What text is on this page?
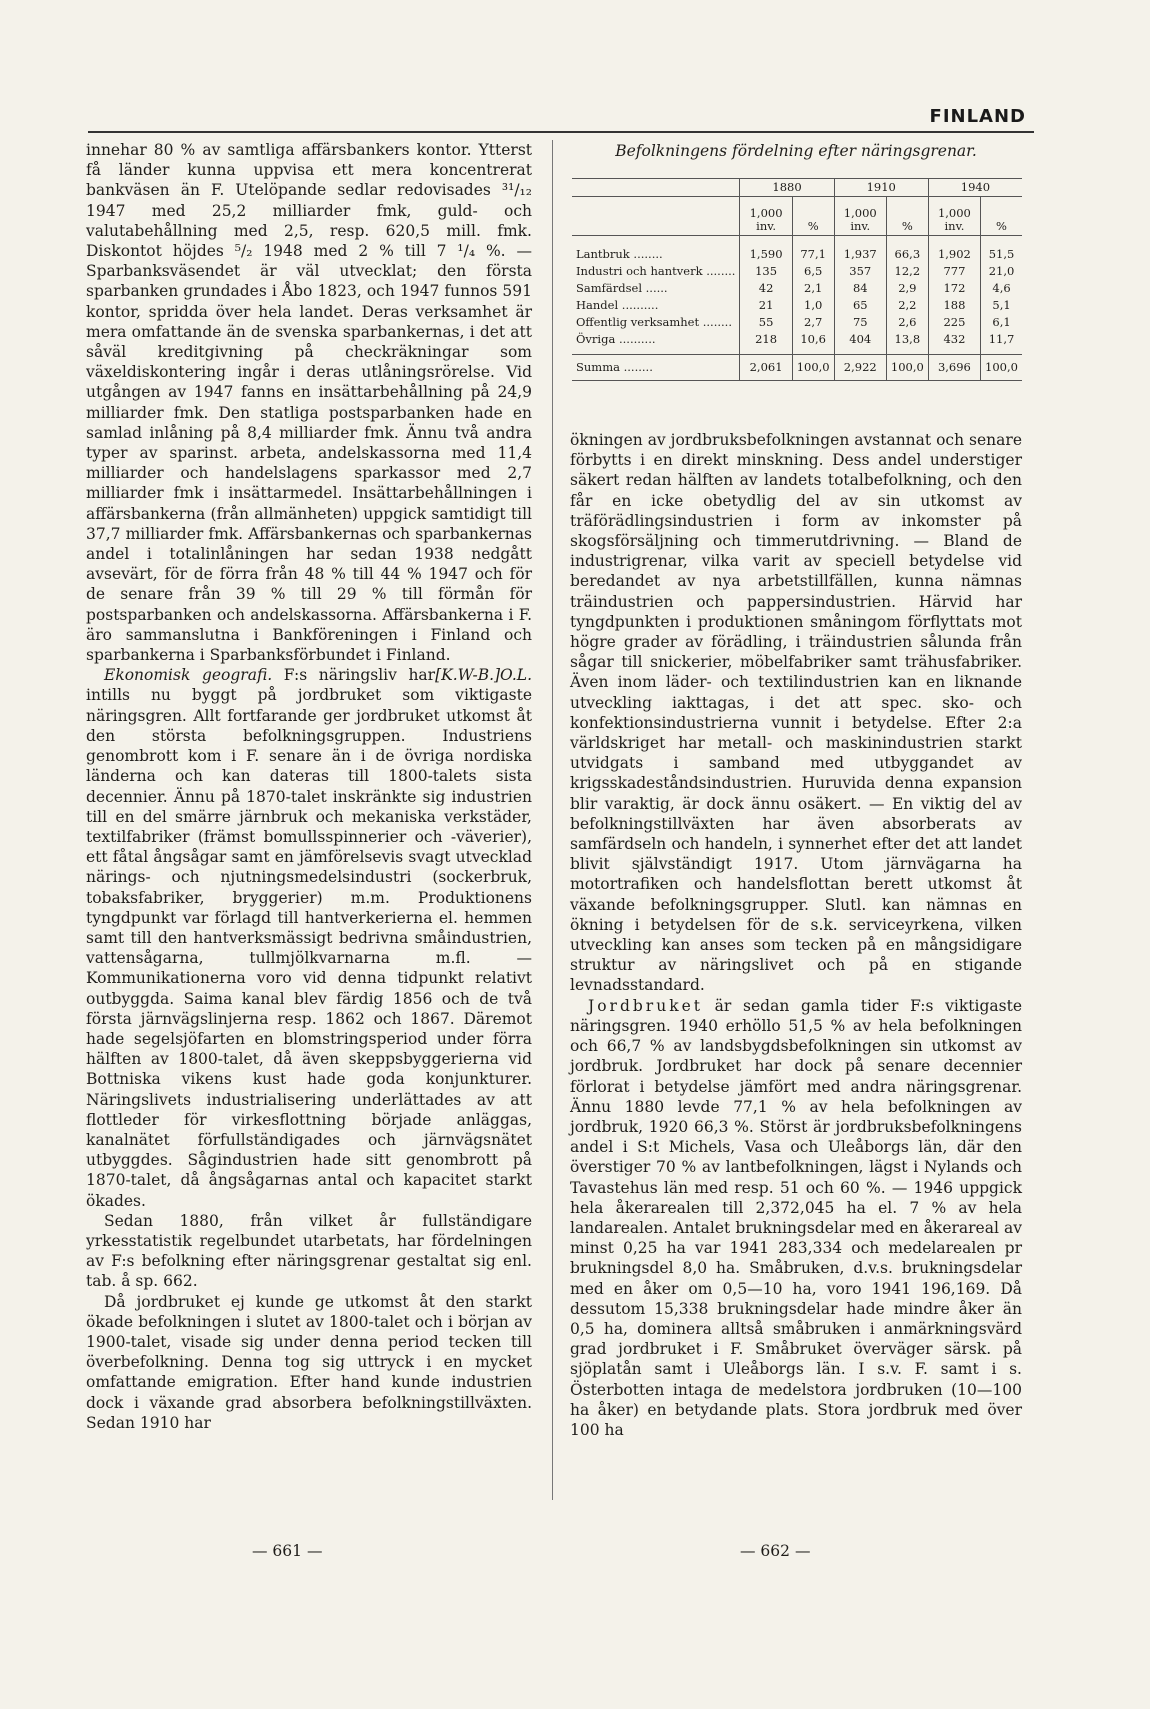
FINLAND

innehar 80 % av samtliga affärsbankers kontor. Ytterst få länder kunna uppvisa ett mera koncentrerat bankväsen än F. Utelöpande sedlar redovisades ³¹/₁₂ 1947 med 25,2 milliarder fmk, guld- och valutabehållning med 2,5, resp. 620,5 mill. fmk. Diskontot höjdes ⁵/₂ 1948 med 2 % till 7 ¹/₄ %. — Sparbanksväsendet är väl utvecklat; den första sparbanken grundades i Åbo 1823, och 1947 funnos 591 kontor, spridda över hela landet. Deras verksamhet är mera omfattande än de svenska sparbankernas, i det att såväl kreditgivning på checkräkningar som växeldiskontering ingår i deras utlåningsrörelse. Vid utgången av 1947 fanns en insättarbehållning på 24,9 milliarder fmk. Den statliga postsparbanken hade en samlad inlåning på 8,4 milliarder fmk. Ännu två andra typer av sparinst. arbeta, andelskassorna med 11,4 milliarder och handelslagens sparkassor med 2,7 milliarder fmk i insättarmedel. Insättarbehållningen i affärsbankerna (från allmänheten) uppgick samtidigt till 37,7 milliarder fmk. Affärsbankernas och sparbankernas andel i totalinlåningen har sedan 1938 nedgått avsevärt, för de förra från 48 % till 44 % 1947 och för de senare från 39 % till 29 % till förmån för postsparbanken och andelskassorna. Affärsbankerna i F. äro sammanslutna i Bankföreningen i Finland och sparbankerna i Sparbanksförbundet i Finland.
[K.W-B.]O.L.

Ekonomisk geografi. F:s näringsliv har intills nu byggt på jordbruket som viktigaste näringsgren. Allt fortfarande ger jordbruket utkomst åt den största befolkningsgruppen. Industriens genombrott kom i F. senare än i de övriga nordiska länderna och kan dateras till 1800-talets sista decennier. Ännu på 1870-talet inskränkte sig industrien till en del smärre järnbruk och mekaniska verkstäder, textilfabriker (främst bomullsspinnerier och -väverier), ett fåtal ångsågar samt en jämförelsevis svagt utvecklad närings- och njutningsmedelsindustri (sockerbruk, tobaksfabriker, bryggerier) m.m. Produktionens tyngdpunkt var förlagd till hantverkerierna el. hemmen samt till den hantverksmässigt bedrivna småindustrien, vattensågarna, tullmjölkvarnarna m.fl. — Kommunikationerna voro vid denna tidpunkt relativt outbyggda. Saima kanal blev färdig 1856 och de två första järnvägslinjerna resp. 1862 och 1867. Däremot hade segelsjöfarten en blomstringsperiod under förra hälften av 1800-talet, då även skeppsbyggerierna vid Bottniska vikens kust hade goda konjunkturer. Näringslivets industrialisering underlättades av att flottleder för virkesflottning började anläggas, kanalnätet förfullständigades och järnvägsnätet utbyggdes. Sågindustrien hade sitt genombrott på 1870-talet, då ångsågarnas antal och kapacitet starkt ökades.

Sedan 1880, från vilket år fullständigare yrkesstatistik regelbundet utarbetats, har fördelningen av F:s befolkning efter näringsgrenar gestaltat sig enl. tab. å sp. 662.

Då jordbruket ej kunde ge utkomst åt den starkt ökade befolkningen i slutet av 1800-talet och i början av 1900-talet, visade sig under denna period tecken till överbefolkning. Denna tog sig uttryck i en mycket omfattande emigration. Efter hand kunde industrien dock i växande grad absorbera befolkningstillväxten. Sedan 1910 har

Befolkningens fördelning efter näringsgrenar.
	1880		1910		1940	
	1,000 inv.	%	1,000 inv.	%	1,000 inv.	%
Lantbruk ........	1,590	77,1	1,937	66,3	1,902	51,5
Industri och hantverk ........	135	6,5	357	12,2	777	21,0
Samfärdsel ......	42	2,1	84	2,9	172	4,6
Handel ..........	21	1,0	65	2,2	188	5,1
Offentlig verksamhet ........	55	2,7	75	2,6	225	6,1
Övriga ..........	218	10,6	404	13,8	432	11,7
Summa ........	2,061	100,0	2,922	100,0	3,696	100,0

ökningen av jordbruksbefolkningen avstannat och senare förbytts i en direkt minskning. Dess andel understiger säkert redan hälften av landets totalbefolkning, och den får en icke obetydlig del av sin utkomst av träförädlingsindustrien i form av inkomster på skogsförsäljning och timmerutdrivning. — Bland de industrigrenar, vilka varit av speciell betydelse vid beredandet av nya arbetstillfällen, kunna nämnas träindustrien och pappersindustrien. Härvid har tyngdpunkten i produktionen småningom förflyttats mot högre grader av förädling, i träindustrien sålunda från sågar till snickerier, möbelfabriker samt trähusfabriker. Även inom läder- och textilindustrien kan en liknande utveckling iakttagas, i det att spec. sko- och konfektionsindustrierna vunnit i betydelse. Efter 2:a världskriget har metall- och maskinindustrien starkt utvidgats i samband med utbyggandet av krigsskadeståndsindustrien. Huruvida denna expansion blir varaktig, är dock ännu osäkert. — En viktig del av befolkningstillväxten har även absorberats av samfärdseln och handeln, i synnerhet efter det att landet blivit självständigt 1917. Utom järnvägarna ha motortrafiken och handelsflottan berett utkomst åt växande befolkningsgrupper. Slutl. kan nämnas en ökning i betydelsen för de s.k. serviceyrkena, vilken utveckling kan anses som tecken på en mångsidigare struktur av näringslivet och på en stigande levnadsstandard.

Jordbruket är sedan gamla tider F:s viktigaste näringsgren. 1940 erhöllo 51,5 % av hela befolkningen och 66,7 % av landsbygdsbefolkningen sin utkomst av jordbruk. Jordbruket har dock på senare decennier förlorat i betydelse jämfört med andra näringsgrenar. Ännu 1880 levde 77,1 % av hela befolkningen av jordbruk, 1920 66,3 %. Störst är jordbruksbefolkningens andel i S:t Michels, Vasa och Uleåborgs län, där den överstiger 70 % av lantbefolkningen, lägst i Nylands och Tavastehus län med resp. 51 och 60 %. — 1946 uppgick hela åkerarealen till 2,372,045 ha el. 7 % av hela landarealen. Antalet brukningsdelar med en åkerareal av minst 0,25 ha var 1941 283,334 och medelarealen pr brukningsdel 8,0 ha. Småbruken, d.v.s. brukningsdelar med en åker om 0,5—10 ha, voro 1941 196,169. Då dessutom 15,338 brukningsdelar hade mindre åker än 0,5 ha, dominera alltså småbruken i anmärkningsvärd grad jordbruket i F. Småbruket överväger särsk. på sjöplatån samt i Uleåborgs län. I s.v. F. samt i s. Österbotten intaga de medelstora jordbruken (10—100 ha åker) en betydande plats. Stora jordbruk med över 100 ha

— 661 —	— 662 —
